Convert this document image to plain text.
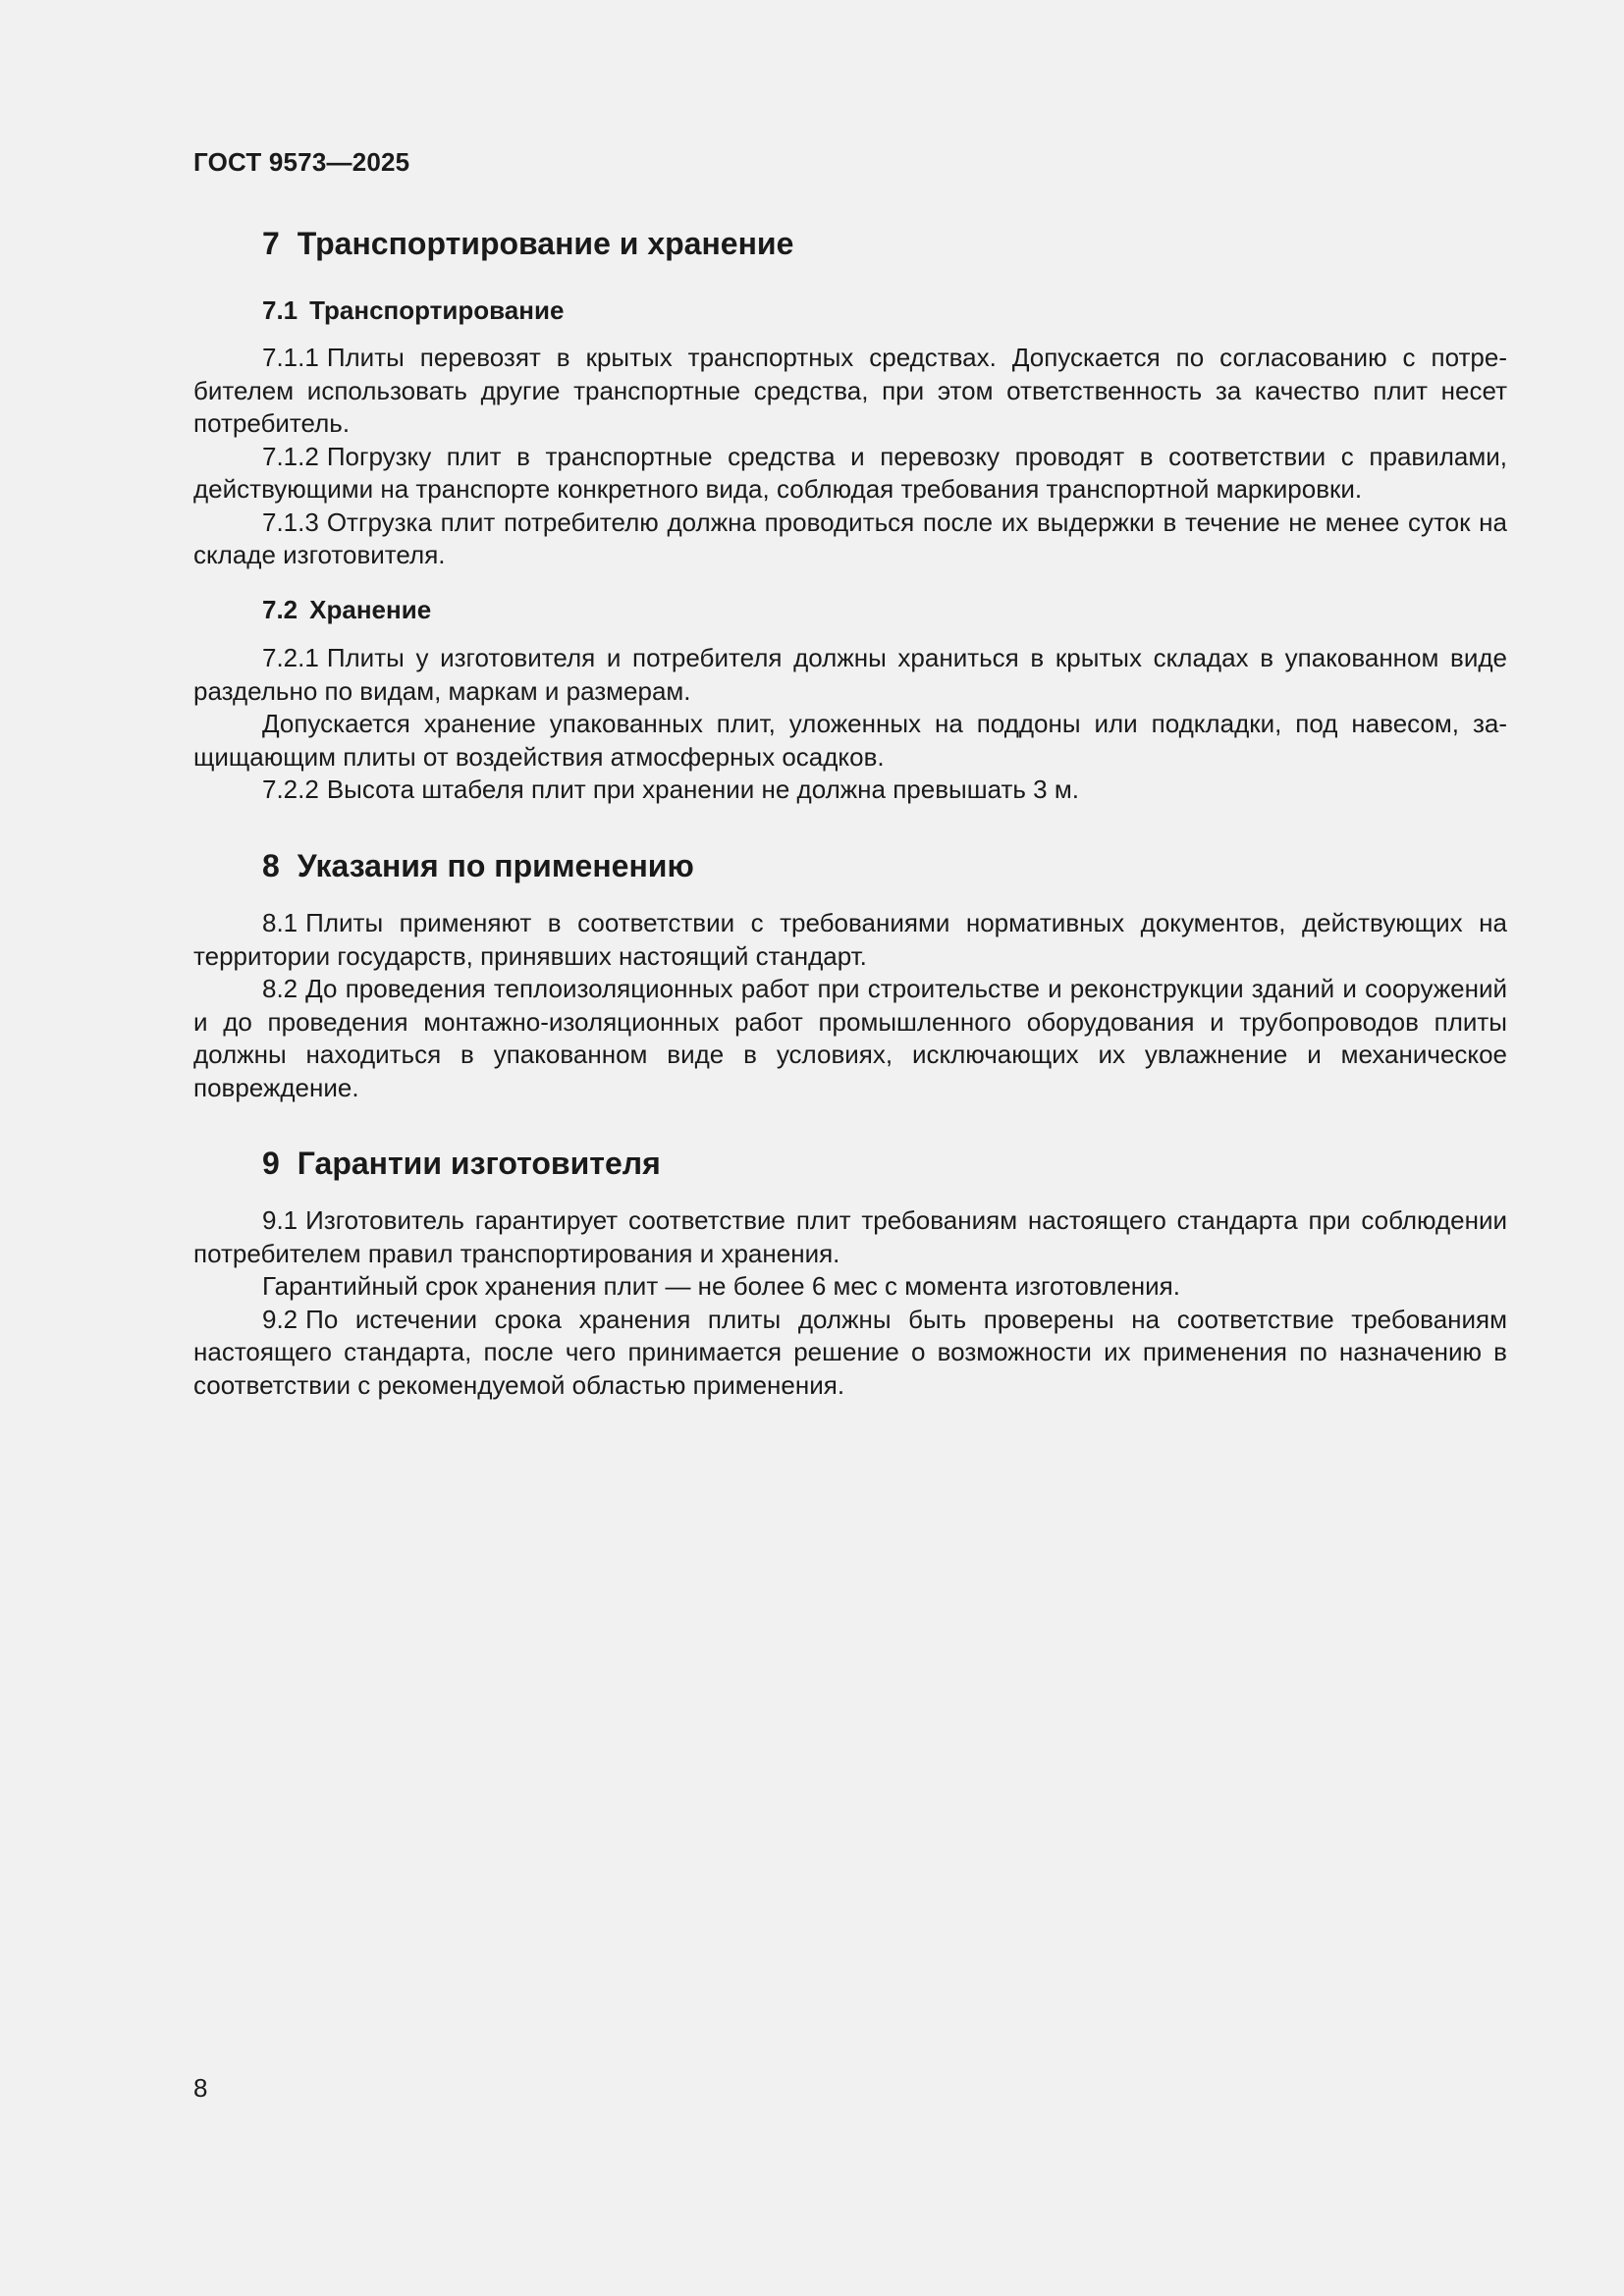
ГОСТ 9573—2025
7 Транспортирование и хранение
7.1 Транспортирование

7.1.1 Плиты перевозят в крытых транспортных средствах. Допускается по согласованию с потребителем использовать другие транспортные средства, при этом ответственность за качество плит несет потребитель.

7.1.2 Погрузку плит в транспортные средства и перевозку проводят в соответствии с правилами, действующими на транспорте конкретного вида, соблюдая требования транспортной маркировки.

7.1.3 Отгрузка плит потребителю должна проводиться после их выдержки в течение не менее суток на складе изготовителя.

7.2 Хранение

7.2.1 Плиты у изготовителя и потребителя должны храниться в крытых складах в упакованном виде раздельно по видам, маркам и размерам.

Допускается хранение упакованных плит, уложенных на поддоны или подкладки, под навесом, защищающим плиты от воздействия атмосферных осадков.

7.2.2 Высота штабеля плит при хранении не должна превышать 3 м.

8 Указания по применению

8.1 Плиты применяют в соответствии с требованиями нормативных документов, действующих на территории государств, принявших настоящий стандарт.

8.2 До проведения теплоизоляционных работ при строительстве и реконструкции зданий и сооружений и до проведения монтажно-изоляционных работ промышленного оборудования и трубопроводов плиты должны находиться в упакованном виде в условиях, исключающих их увлажнение и механическое повреждение.

9 Гарантии изготовителя

9.1 Изготовитель гарантирует соответствие плит требованиям настоящего стандарта при соблюдении потребителем правил транспортирования и хранения.

Гарантийный срок хранения плит — не более 6 мес с момента изготовления.

9.2 По истечении срока хранения плиты должны быть проверены на соответствие требованиям настоящего стандарта, после чего принимается решение о возможности их применения по назначению в соответствии с рекомендуемой областью применения.

8
